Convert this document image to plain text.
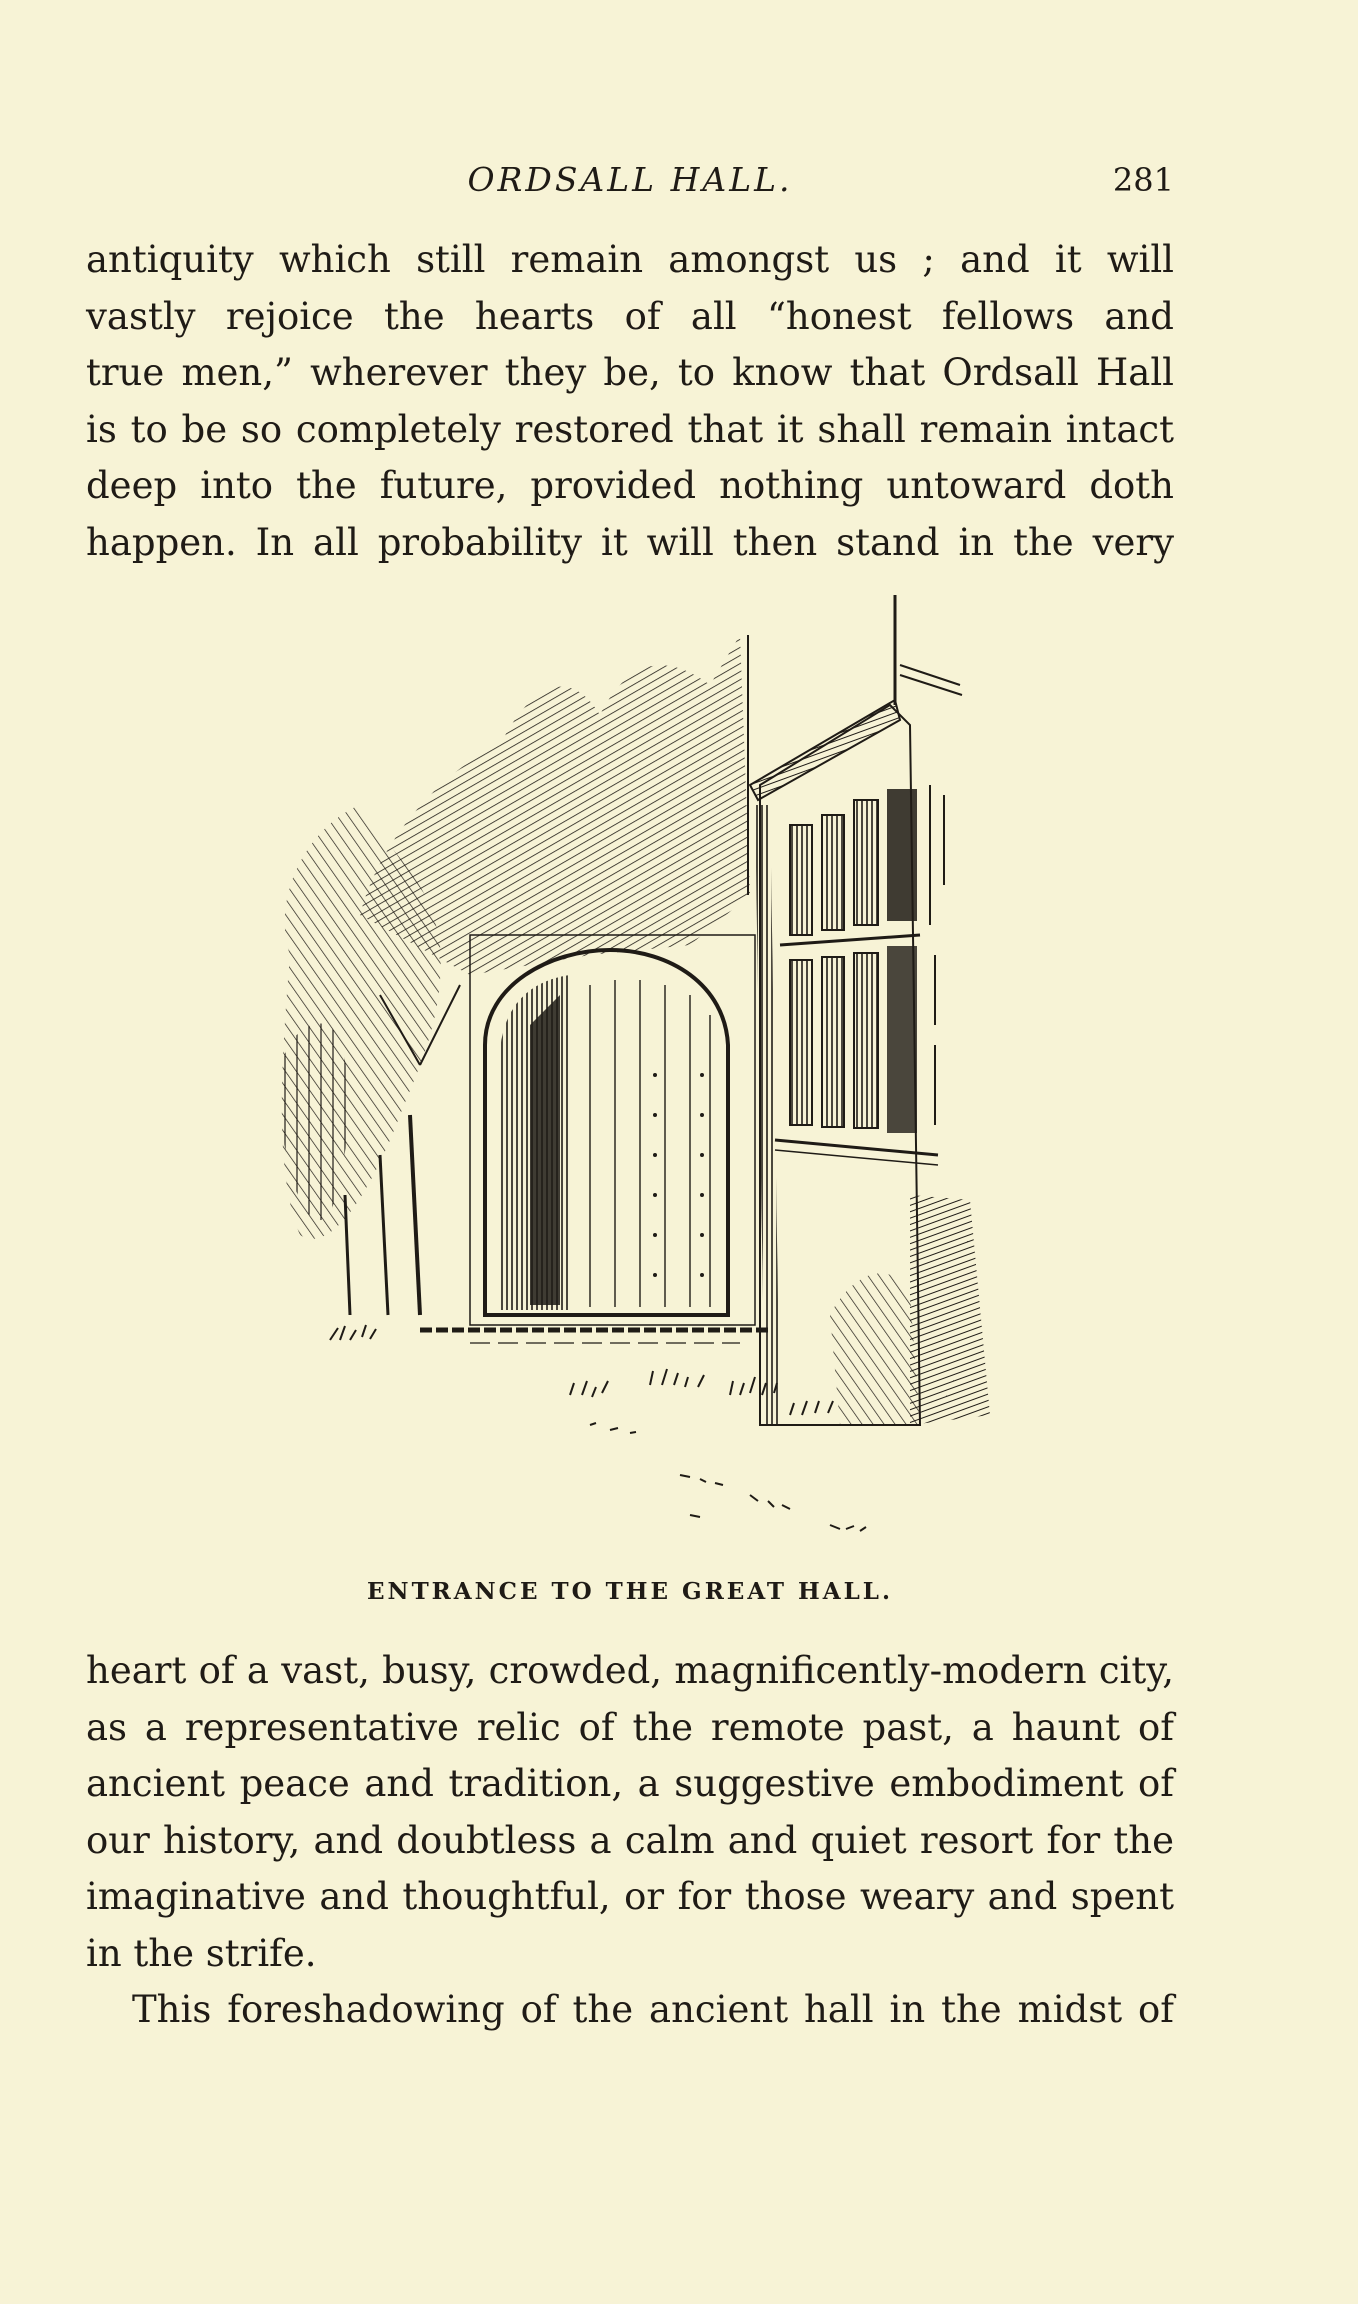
ORDSALL HALL.	281
antiquity which still remain amongst us ; and it will
vastly rejoice the hearts of all “honest fellows and
true men,” wherever they be, to know that Ordsall Hall
is to be so completely restored that it shall remain intact
deep into the future, provided nothing untoward doth
happen. In all probability it will then stand in the very
ENTRANCE TO THE GREAT HALL.
heart of a vast, busy, crowded, magnificently-modern city,
as a representative relic of the remote past, a haunt of
ancient peace and tradition, a suggestive embodiment of
our history, and doubtless a calm and quiet resort for the
imaginative and thoughtful, or for those weary and spent
in the strife.
This foreshadowing of the ancient hall in the midst of
